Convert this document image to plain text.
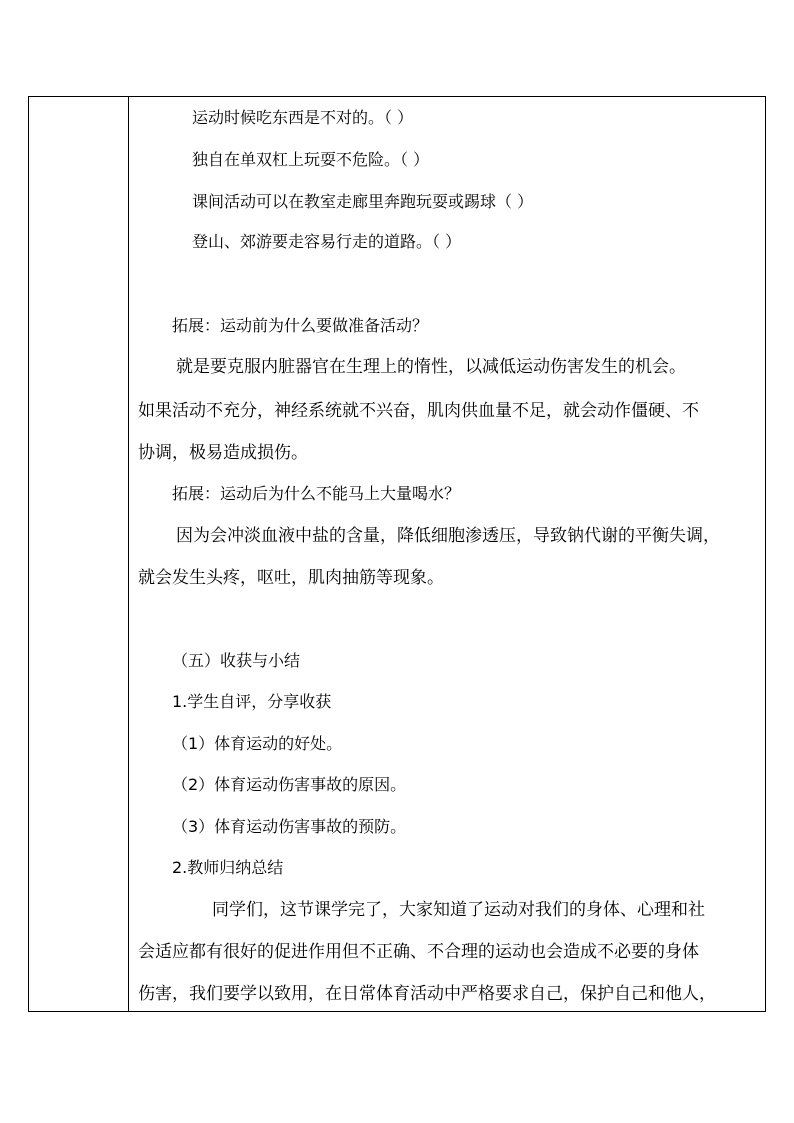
运动时候吃东西是不对的。（ ）
独自在单双杠上玩耍不危险。（ ）
课间活动可以在教室走廊里奔跑玩耍或踢球（ ）
登山、郊游要走容易行走的道路。（ ）
拓展：运动前为什么要做准备活动？
就是要克服内脏器官在生理上的惰性，以减低运动伤害发生的机会。
如果活动不充分，神经系统就不兴奋，肌肉供血量不足，就会动作僵硬、不
协调，极易造成损伤。
拓展：运动后为什么不能马上大量喝水？
因为会冲淡血液中盐的含量，降低细胞渗透压，导致钠代谢的平衡失调，
就会发生头疼，呕吐，肌肉抽筋等现象。
（五）收获与小结
1.学生自评，分享收获
（1）体育运动的好处。
（2）体育运动伤害事故的原因。
（3）体育运动伤害事故的预防。
2.教师归纳总结
同学们，这节课学完了，大家知道了运动对我们的身体、心理和社
会适应都有很好的促进作用但不正确、不合理的运动也会造成不必要的身体
伤害，我们要学以致用，在日常体育活动中严格要求自己，保护自己和他人，
